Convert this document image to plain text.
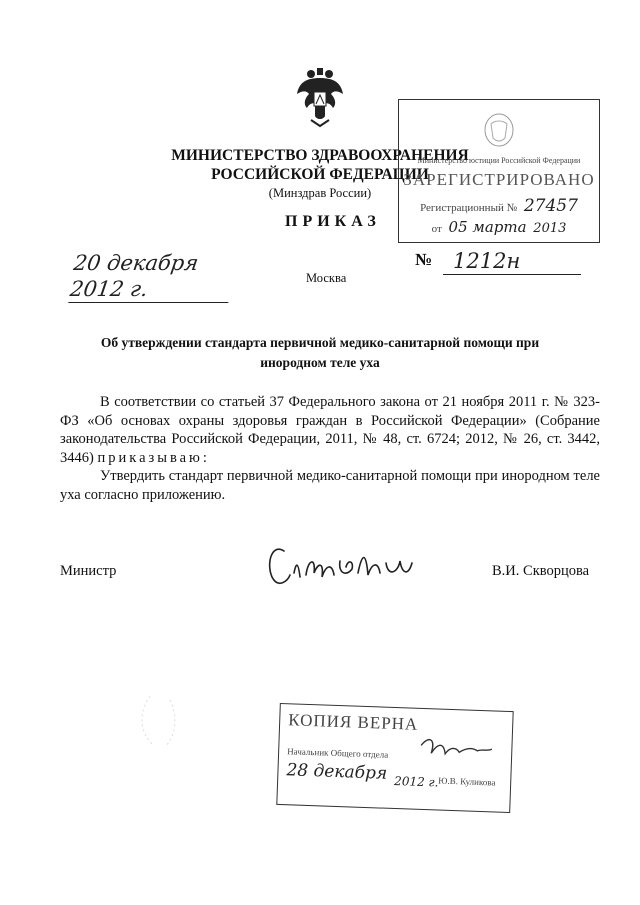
МИНИСТЕРСТВО ЗДРАВООХРАНЕНИЯ
РОССИЙСКОЙ ФЕДЕРАЦИИ
(Минздрав России)
Министерство юстиции Российской Федерации
ЗАРЕГИСТРИРОВАНО
Регистрационный № 27457
от 05 марта 2013
ПРИКАЗ
20 декабря 2012 г.
№ 1212н
Москва
Об утверждении стандарта первичной медико-санитарной помощи при
инородном теле уха

В соответствии со статьей 37 Федерального закона от 21 ноября 2011 г. № 323-ФЗ «Об основах охраны здоровья граждан в Российской Федерации» (Собрание законодательства Российской Федерации, 2011, № 48, ст. 6724; 2012, № 26, ст. 3442, 3446) приказываю:

Утвердить стандарт первичной медико-санитарной помощи при инородном теле уха согласно приложению.

Министр	В.И. Скворцова
КОПИЯ ВЕРНА
Начальник Общего отдела
28 декабря 2012 г. Ю.В. Куликова
